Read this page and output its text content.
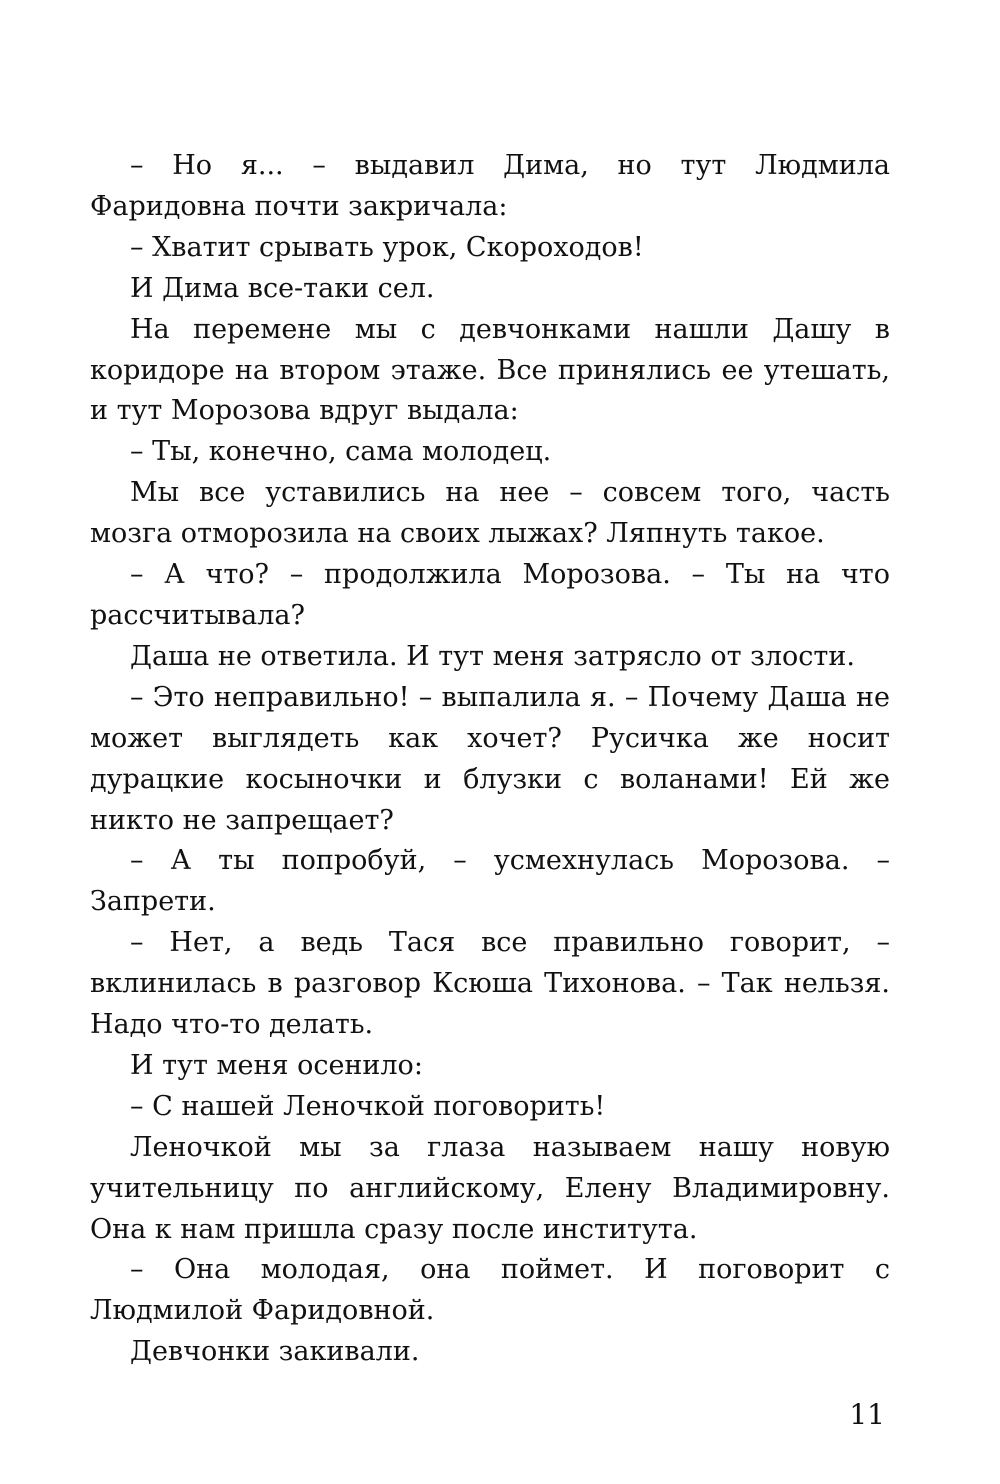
– Но я... – выдавил Дима, но тут Людмила Фаридовна почти закричала:

– Хватит срывать урок, Скороходов!

И Дима все-таки сел.

На перемене мы с девчонками нашли Дашу в коридоре на втором этаже. Все принялись ее утешать, и тут Морозова вдруг выдала:

– Ты, конечно, сама молодец.

Мы все уставились на нее – совсем того, часть мозга отморозила на своих лыжах? Ляпнуть такое.

– А что? – продолжила Морозова. – Ты на что рассчитывала?

Даша не ответила. И тут меня затрясло от злости.

– Это неправильно! – выпалила я. – Почему Даша не может выглядеть как хочет? Русичка же носит дурацкие косыночки и блузки с воланами! Ей же никто не запрещает?

– А ты попробуй, – усмехнулась Морозова. – Запрети.

– Нет, а ведь Тася все правильно говорит, – вклинилась в разговор Ксюша Тихонова. – Так нельзя. Надо что-то делать.

И тут меня осенило:

– С нашей Леночкой поговорить!

Леночкой мы за глаза называем нашу новую учительницу по английскому, Елену Владимировну. Она к нам пришла сразу после института.

– Она молодая, она поймет. И поговорит с Людмилой Фаридовной.

Девчонки закивали.

11
